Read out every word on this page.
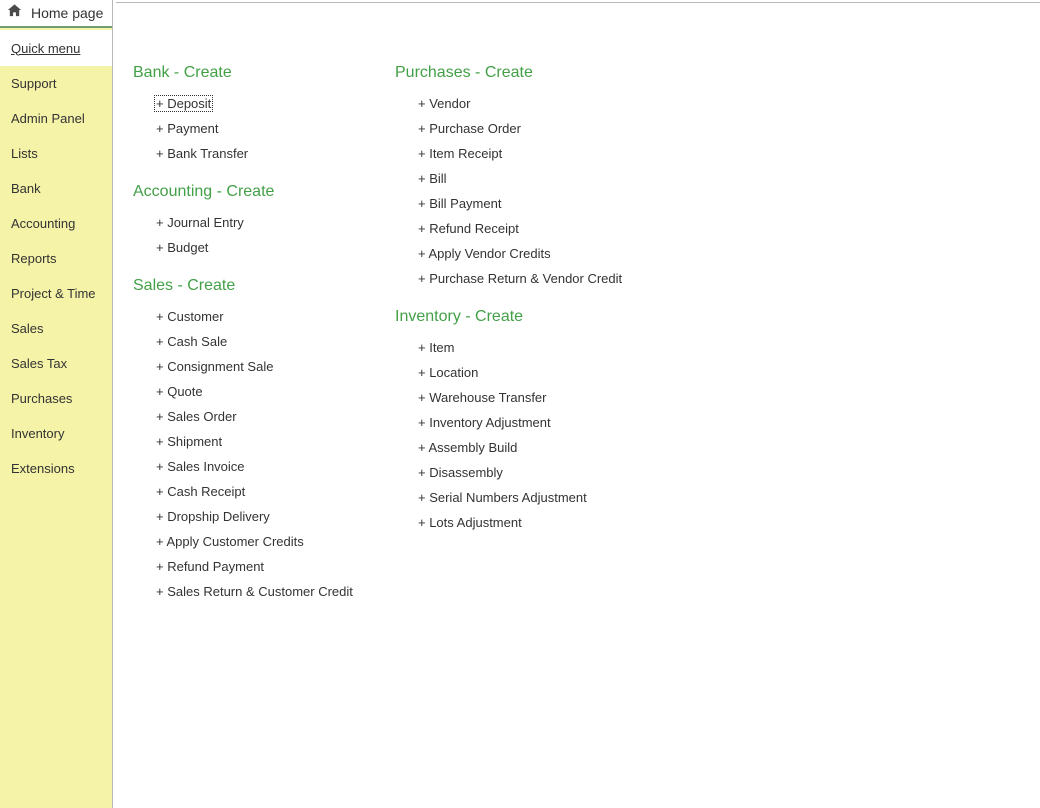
Home page
Quick menu
Support
Admin Panel
Lists
Bank
Accounting
Reports
Project & Time
Sales
Sales Tax
Purchases
Inventory
Extensions
Bank - Create
+ Deposit
+ Payment
+ Bank Transfer
Accounting - Create
+ Journal Entry
+ Budget
Sales - Create
+ Customer
+ Cash Sale
+ Consignment Sale
+ Quote
+ Sales Order
+ Shipment
+ Sales Invoice
+ Cash Receipt
+ Dropship Delivery
+ Apply Customer Credits
+ Refund Payment
+ Sales Return & Customer Credit
Purchases - Create
+ Vendor
+ Purchase Order
+ Item Receipt
+ Bill
+ Bill Payment
+ Refund Receipt
+ Apply Vendor Credits
+ Purchase Return & Vendor Credit
Inventory - Create
+ Item
+ Location
+ Warehouse Transfer
+ Inventory Adjustment
+ Assembly Build
+ Disassembly
+ Serial Numbers Adjustment
+ Lots Adjustment
